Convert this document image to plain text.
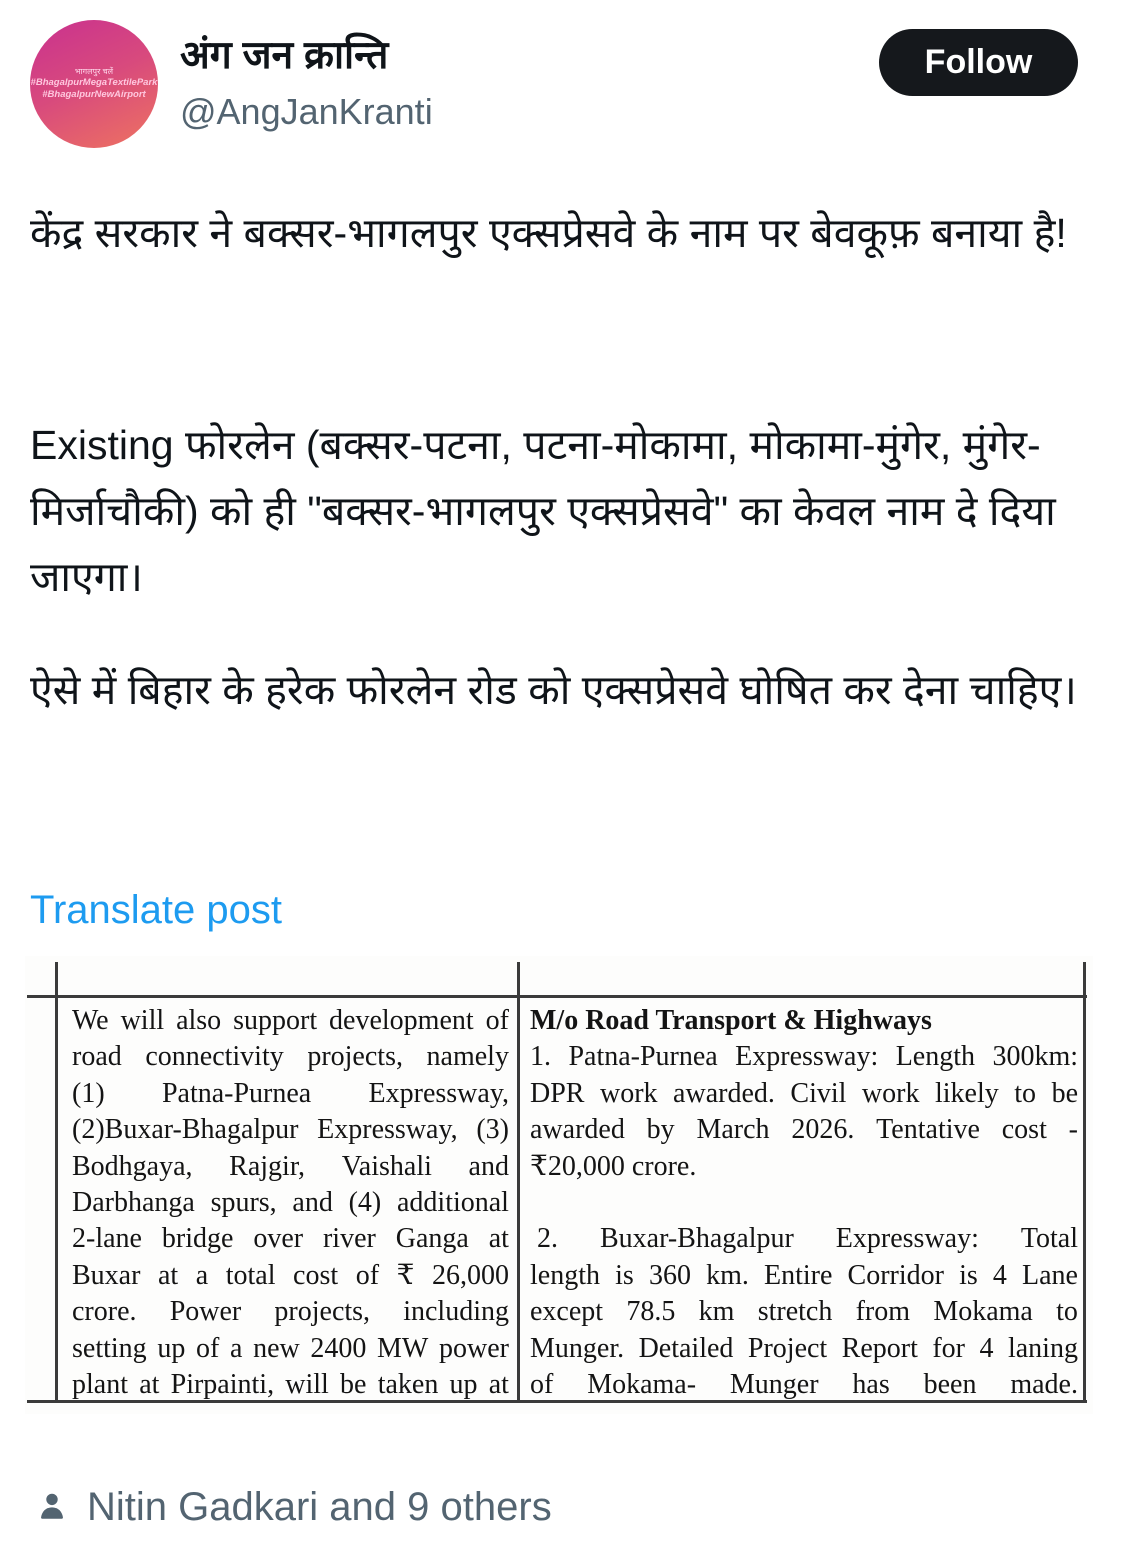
भागलपुर चलें
#BhagalpurMegaTextilePark
#BhagalpurNewAirport
अंग जन क्रान्ति
@AngJanKranti
Follow
केंद्र सरकार ने बक्सर-भागलपुर एक्सप्रेसवे के नाम पर बेवकूफ़ बनाया है!
Existing फोरलेन (बक्सर-पटना, पटना-मोकामा, मोकामा-मुंगेर, मुंगेर-मिर्जाचौकी) को ही "बक्सर-भागलपुर एक्सप्रेसवे" का केवल नाम दे दिया जाएगा।
ऐसे में बिहार के हरेक फोरलेन रोड को एक्सप्रेसवे घोषित कर देना चाहिए।
Translate post
We will also support development of
road connectivity projects, namely
(1) Patna-Purnea Expressway,
(2)Buxar-Bhagalpur Expressway, (3)
Bodhgaya, Rajgir, Vaishali and
Darbhanga spurs, and (4) additional
2-lane bridge over river Ganga at
Buxar at a total cost of ₹ 26,000
crore. Power projects, including
setting up of a new 2400 MW power
plant at Pirpainti, will be taken up at
M/o Road Transport & Highways
1. Patna-Purnea Expressway: Length 300km:
DPR work awarded. Civil work likely to be
awarded by March 2026. Tentative cost -
₹20,000 crore.

2. Buxar-Bhagalpur Expressway: Total
length is 360 km. Entire Corridor is 4 Lane
except 78.5 km stretch from Mokama to
Munger. Detailed Project Report for 4 laning
of Mokama- Munger has been made.
Nitin Gadkari and 9 others
